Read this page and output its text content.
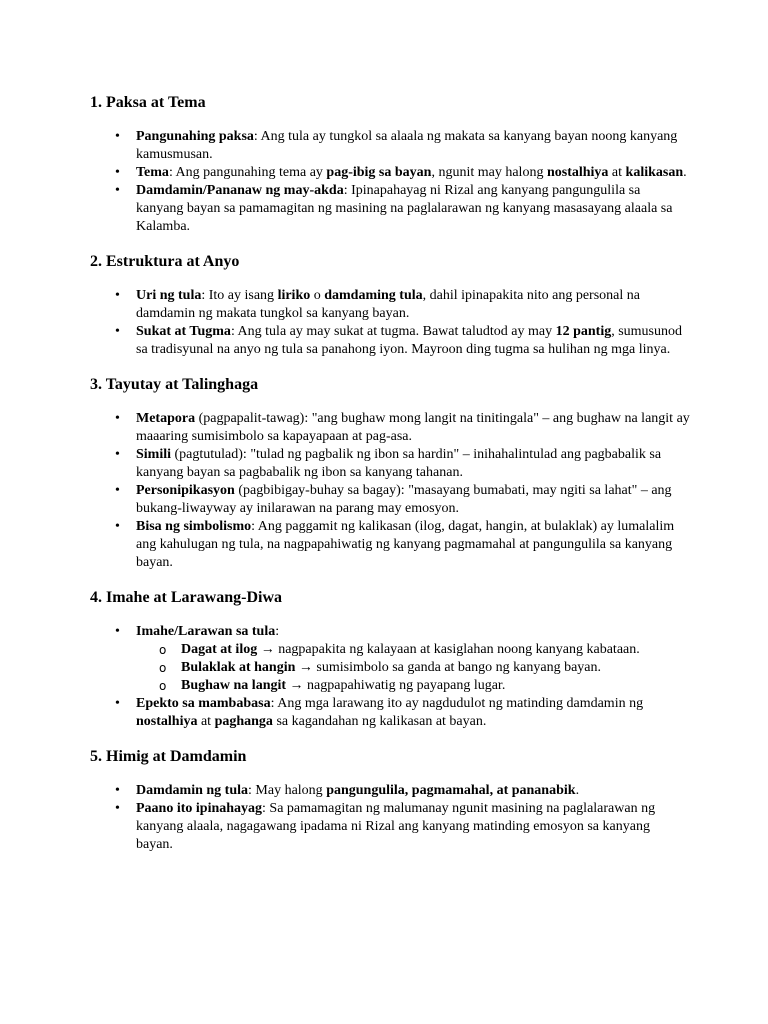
1. Paksa at Tema
• Pangunahing paksa: Ang tula ay tungkol sa alaala ng makata sa kanyang bayan noong kanyang kamusmusan.
• Tema: Ang pangunahing tema ay pag-ibig sa bayan, ngunit may halong nostalhiya at kalikasan.
• Damdamin/Pananaw ng may-akda: Ipinapahayag ni Rizal ang kanyang pangungulila sa kanyang bayan sa pamamagitan ng masining na paglalarawan ng kanyang masasayang alaala sa Kalamba.
2. Estruktura at Anyo
• Uri ng tula: Ito ay isang liriko o damdaming tula, dahil ipinapakita nito ang personal na damdamin ng makata tungkol sa kanyang bayan.
• Sukat at Tugma: Ang tula ay may sukat at tugma. Bawat taludtod ay may 12 pantig, sumusunod sa tradisyunal na anyo ng tula sa panahong iyon. Mayroon ding tugma sa hulihan ng mga linya.
3. Tayutay at Talinghaga
• Metapora (pagpapalit-tawag): "ang bughaw mong langit na tinitingala" – ang bughaw na langit ay maaaring sumisimbolo sa kapayapaan at pag-asa.
• Simili (pagtutulad): "tulad ng pagbalik ng ibon sa hardin" – inihahalintulad ang pagbabalik sa kanyang bayan sa pagbabalik ng ibon sa kanyang tahanan.
• Personipikasyon (pagbibigay-buhay sa bagay): "masayang bumabati, may ngiti sa lahat" – ang bukang-liwayway ay inilarawan na parang may emosyon.
• Bisa ng simbolismo: Ang paggamit ng kalikasan (ilog, dagat, hangin, at bulaklak) ay lumalalim ang kahulugan ng tula, na nagpapahiwatig ng kanyang pagmamahal at pangungulila sa kanyang bayan.
4. Imahe at Larawang-Diwa
• Imahe/Larawan sa tula:
o Dagat at ilog → nagpapakita ng kalayaan at kasiglahan noong kanyang kabataan.
o Bulaklak at hangin → sumisimbolo sa ganda at bango ng kanyang bayan.
o Bughaw na langit → nagpapahiwatig ng payapang lugar.
• Epekto sa mambabasa: Ang mga larawang ito ay nagdudulot ng matinding damdamin ng nostalhiya at paghanga sa kagandahan ng kalikasan at bayan.
5. Himig at Damdamin
• Damdamin ng tula: May halong pangungulila, pagmamahal, at pananabik.
• Paano ito ipinahayag: Sa pamamagitan ng malumanay ngunit masining na paglalarawan ng kanyang alaala, nagagawang ipadama ni Rizal ang kanyang matinding emosyon sa kanyang bayan.
